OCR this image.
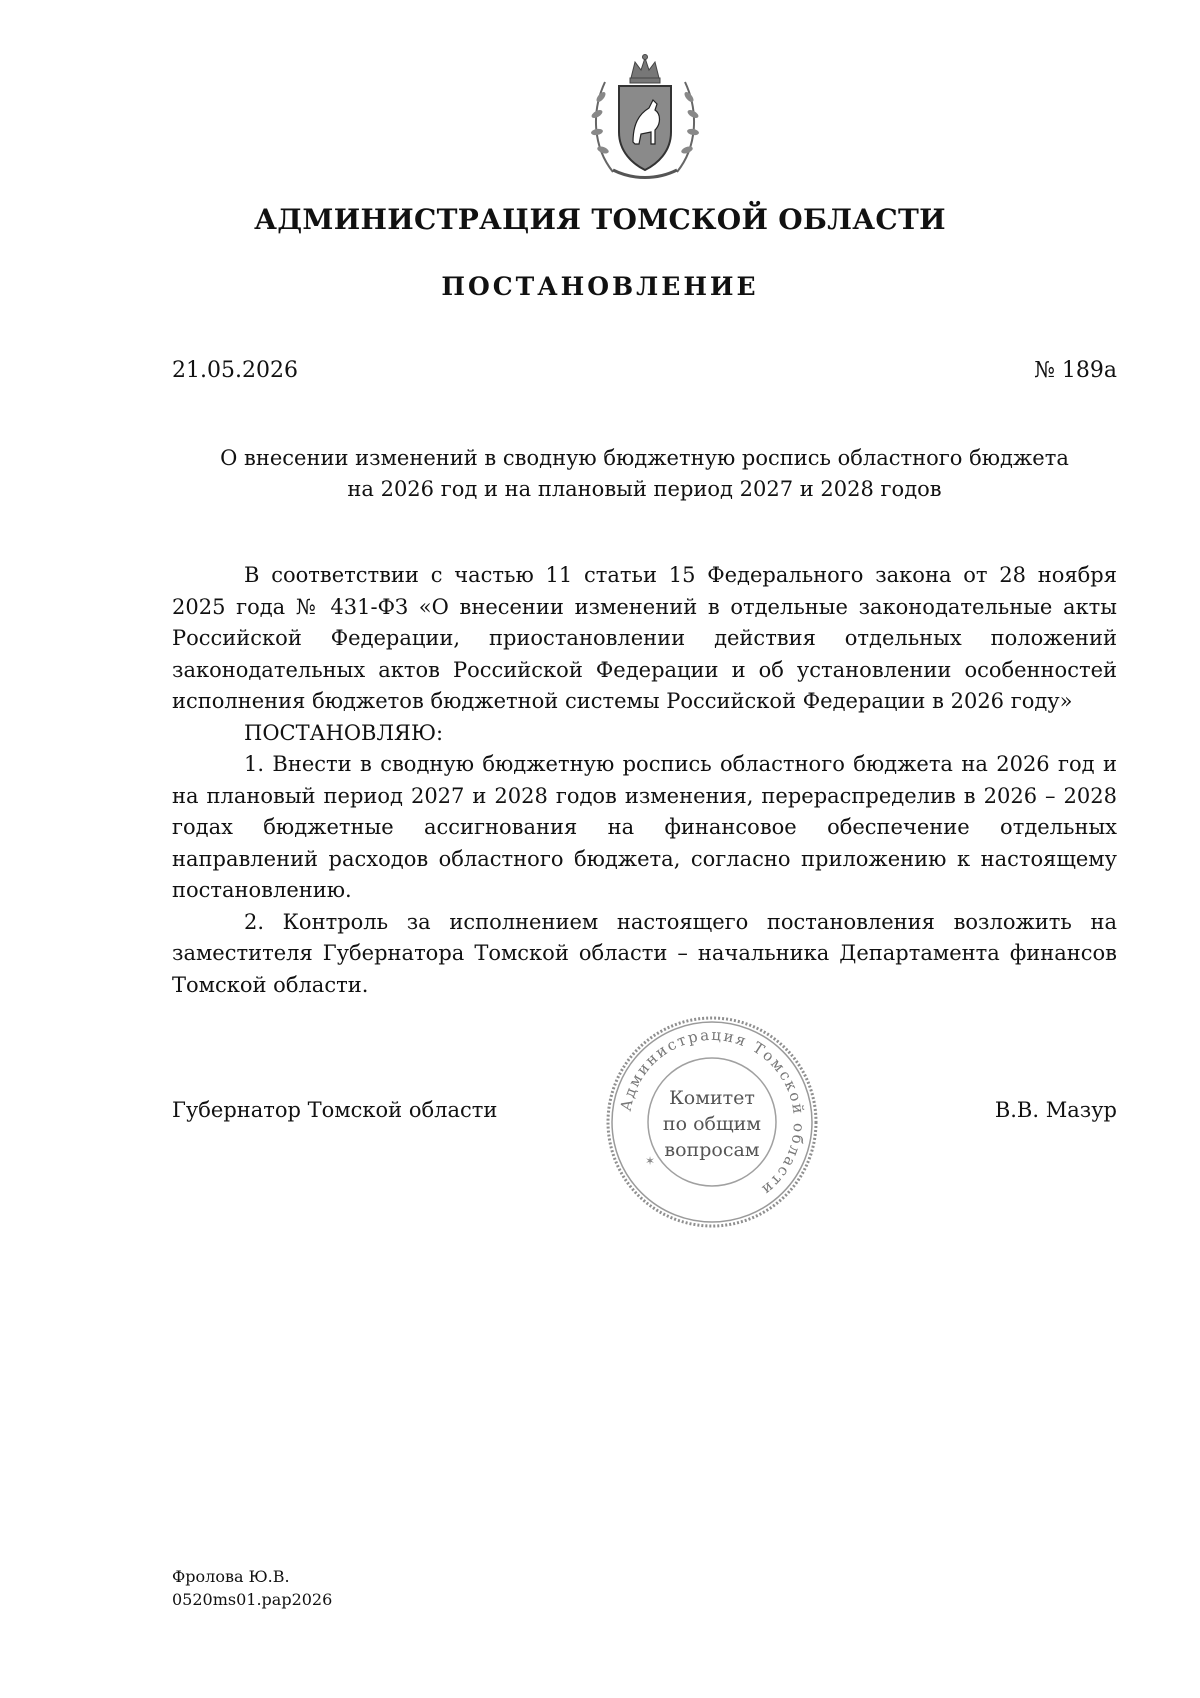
АДМИНИСТРАЦИЯ ТОМСКОЙ ОБЛАСТИ
ПОСТАНОВЛЕНИЕ
21.05.2026	№ 189а
О внесении изменений в сводную бюджетную роспись областного бюджета
на 2026 год и на плановый период 2027 и 2028 годов

В соответствии с частью 11 статьи 15 Федерального закона от 28 ноября 2025 года № 431-ФЗ «О внесении изменений в отдельные законодательные акты Российской Федерации, приостановлении действия отдельных положений законодательных актов Российской Федерации и об установлении особенностей исполнения бюджетов бюджетной системы Российской Федерации в 2026 году»

ПОСТАНОВЛЯЮ:

1. Внести в сводную бюджетную роспись областного бюджета на 2026 год и на плановый период 2027 и 2028 годов изменения, перераспределив в 2026 – 2028 годах бюджетные ассигнования на финансовое обеспечение отдельных направлений расходов областного бюджета, согласно приложению к настоящему постановлению.

2. Контроль за исполнением настоящего постановления возложить на заместителя Губернатора Томской области – начальника Департамента финансов Томской области.

Губернатор Томской области	В.В. Мазур
Администрация Томской области
✶
Комитет
по общим
вопросам
Фролова Ю.В.
0520ms01.pap2026
